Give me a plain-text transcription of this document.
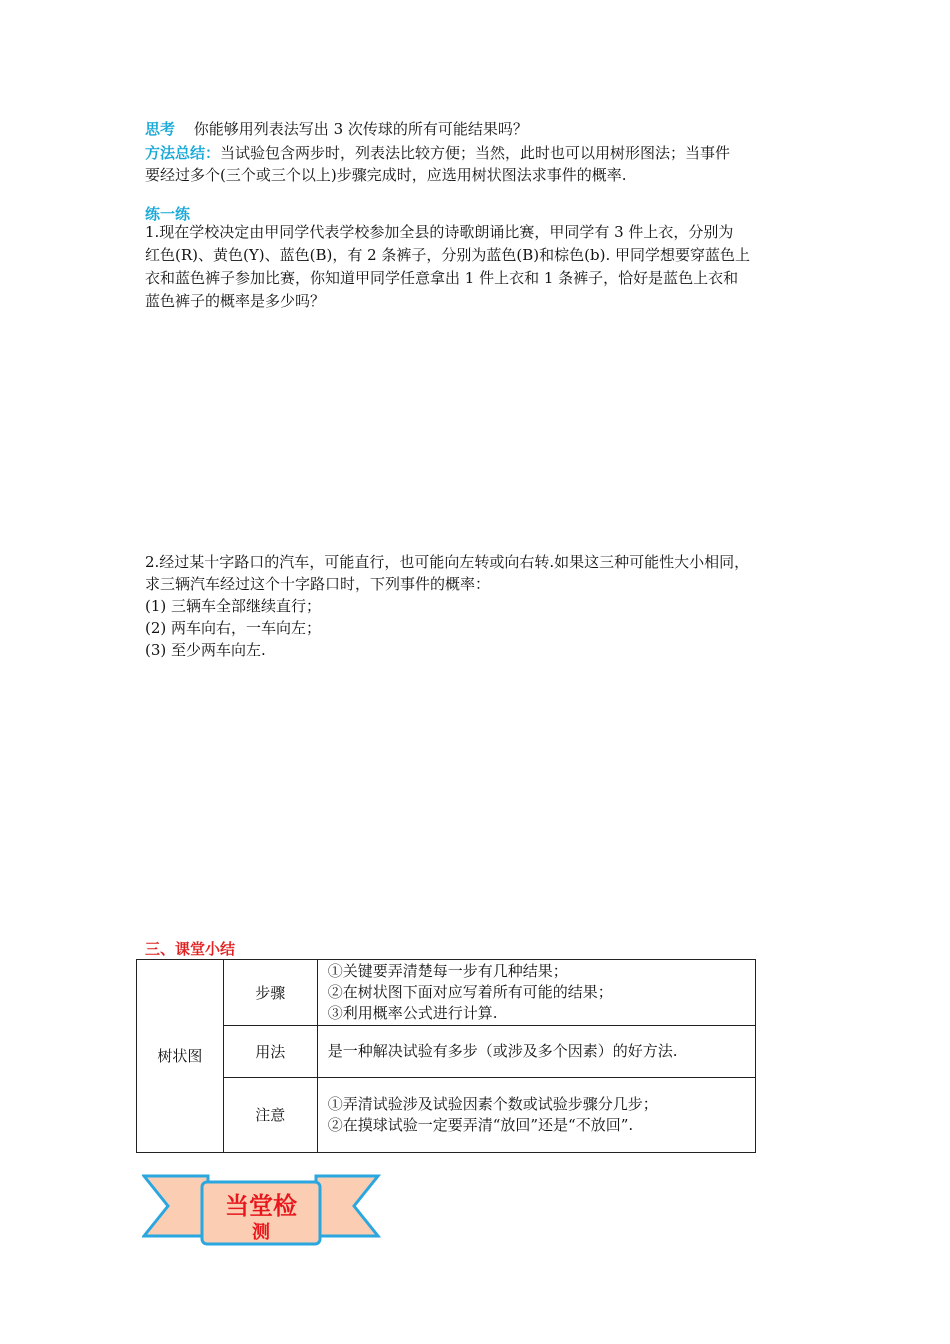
思考 你能够用列表法写出 3 次传球的所有可能结果吗？
方法总结：当试验包含两步时，列表法比较方便；当然，此时也可以用树形图法；当事件
要经过多个(三个或三个以上)步骤完成时，应选用树状图法求事件的概率.
练一练
1.现在学校决定由甲同学代表学校参加全县的诗歌朗诵比赛，甲同学有 3 件上衣，分别为
红色(R)、黄色(Y)、蓝色(B)，有 2 条裤子，分别为蓝色(B)和棕色(b). 甲同学想要穿蓝色上
衣和蓝色裤子参加比赛，你知道甲同学任意拿出 1 件上衣和 1 条裤子，恰好是蓝色上衣和
蓝色裤子的概率是多少吗？
2.经过某十字路口的汽车，可能直行，也可能向左转或向右转.如果这三种可能性大小相同，
求三辆汽车经过这个十字路口时，下列事件的概率：
(1) 三辆车全部继续直行；
(2) 两车向右，一车向左；
(3) 至少两车向左.
三、课堂小结
树状图	步骤	①关键要弄清楚每一步有几种结果；
②在树状图下面对应写着所有可能的结果；
③利用概率公式进行计算.

	用法	是一种解决试验有多步（或涉及多个因素）的好方法.

	注意	①弄清试验涉及试验因素个数或试验步骤分几步；
②在摸球试验一定要弄清“放回”还是“不放回”.
当堂检
测
